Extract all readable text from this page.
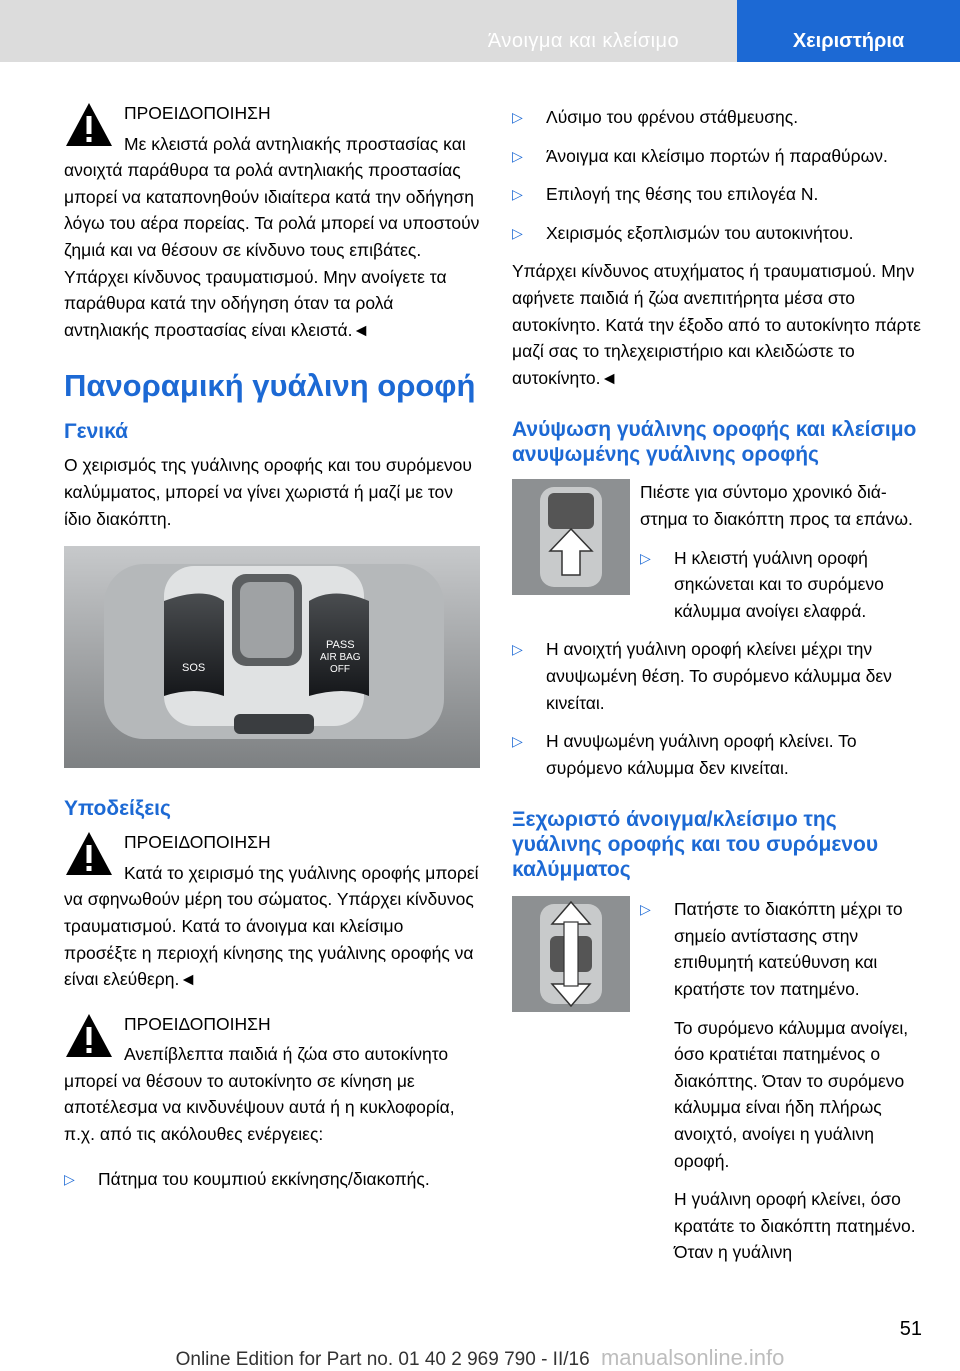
Άνοιγμα και κλείσιμο	Χειριστήρια
ΠΡΟΕΙΔΟΠΟΙΗΣΗ
Με κλειστά ρολά αντηλιακής προστασίας και ανοιχτά παράθυρα τα ρολά αντηλιακής προστασίας μπορεί να καταπονηθούν ιδιαίτερα κατά την οδήγηση λόγω του αέρα πορείας. Τα ρολά μπορεί να υποστούν ζημιά και να θέσουν σε κίνδυνο τους επιβάτες. Υπάρχει κίνδυνος τραυματισμού. Μην ανοίγετε τα παράθυρα κατά την οδήγηση όταν τα ρολά αντηλιακής προστασίας είναι κλειστά.◄
Πανοραμική γυάλινη οροφή
Γενικά

Ο χειρισμός της γυάλινης οροφής και του συρόμενου καλύμματος, μπορεί να γίνει χωριστά ή μαζί με τον ίδιο διακόπτη.

SOS
PASS
AIR BAG
OFF
Υποδείξεις
ΠΡΟΕΙΔΟΠΟΙΗΣΗ
Κατά το χειρισμό της γυάλινης οροφής μπορεί να σφηνωθούν μέρη του σώματος. Υπάρχει κίνδυνος τραυματισμού. Κατά το άνοιγμα και κλείσιμο προσέξτε η περιοχή κίνησης της γυάλινης οροφής να είναι ελεύθερη.◄
ΠΡΟΕΙΔΟΠΟΙΗΣΗ
Ανεπίβλεπτα παιδιά ή ζώα στο αυτοκίνητο μπορεί να θέσουν το αυτοκίνητο σε κίνηση με αποτέλεσμα να κινδυνέψουν αυτά ή η κυκλοφορία, π.χ. από τις ακόλουθες ενέργειες:
▷ Πάτημα του κουμπιού εκκίνησης/διακοπής.
▷ Λύσιμο του φρένου στάθμευσης.
▷ Άνοιγμα και κλείσιμο πορτών ή παραθύρων.
▷ Επιλογή της θέσης του επιλογέα N.
▷ Χειρισμός εξοπλισμών του αυτοκινήτου.

Υπάρχει κίνδυνος ατυχήματος ή τραυματισμού. Μην αφήνετε παιδιά ή ζώα ανεπιτήρητα μέσα στο αυτοκίνητο. Κατά την έξοδο από το αυτοκίνητο πάρτε μαζί σας το τηλεχειριστήριο και κλειδώστε το αυτοκίνητο.◄

Ανύψωση γυάλινης οροφής και κλείσιμο ανυψωμένης γυάλινης οροφής

Πιέστε για σύντομο χρονικό διάστημα το διακόπτη προς τα επάνω.

▷ Η κλειστή γυάλινη οροφή σηκώνεται και το συρόμενο κάλυμμα ανοίγει ελαφρά.
▷ Η ανοιχτή γυάλινη οροφή κλείνει μέχρι την ανυψωμένη θέση. Το συρόμενο κάλυμμα δεν κινείται.
▷ Η ανυψωμένη γυάλινη οροφή κλείνει. Το συρόμενο κάλυμμα δεν κινείται.
Ξεχωριστό άνοιγμα/κλείσιμο της γυάλινης οροφής και του συρόμενου καλύμματος
▷ Πατήστε το διακόπτη μέχρι το σημείο αντίστασης στην επιθυμητή κατεύθυνση και κρατήστε τον πατημένο.

Το συρόμενο κάλυμμα ανοίγει, όσο κρατιέται πατημένος ο διακόπτης. Όταν το συρόμενο κάλυμμα είναι ήδη πλήρως ανοιχτό, ανοίγει η γυάλινη οροφή.

Η γυάλινη οροφή κλείνει, όσο κρατάτε το διακόπτη πατημένο. Όταν η γυάλινη

51
Online Edition for Part no. 01 40 2 969 790 - II/16 manualsonline.info
